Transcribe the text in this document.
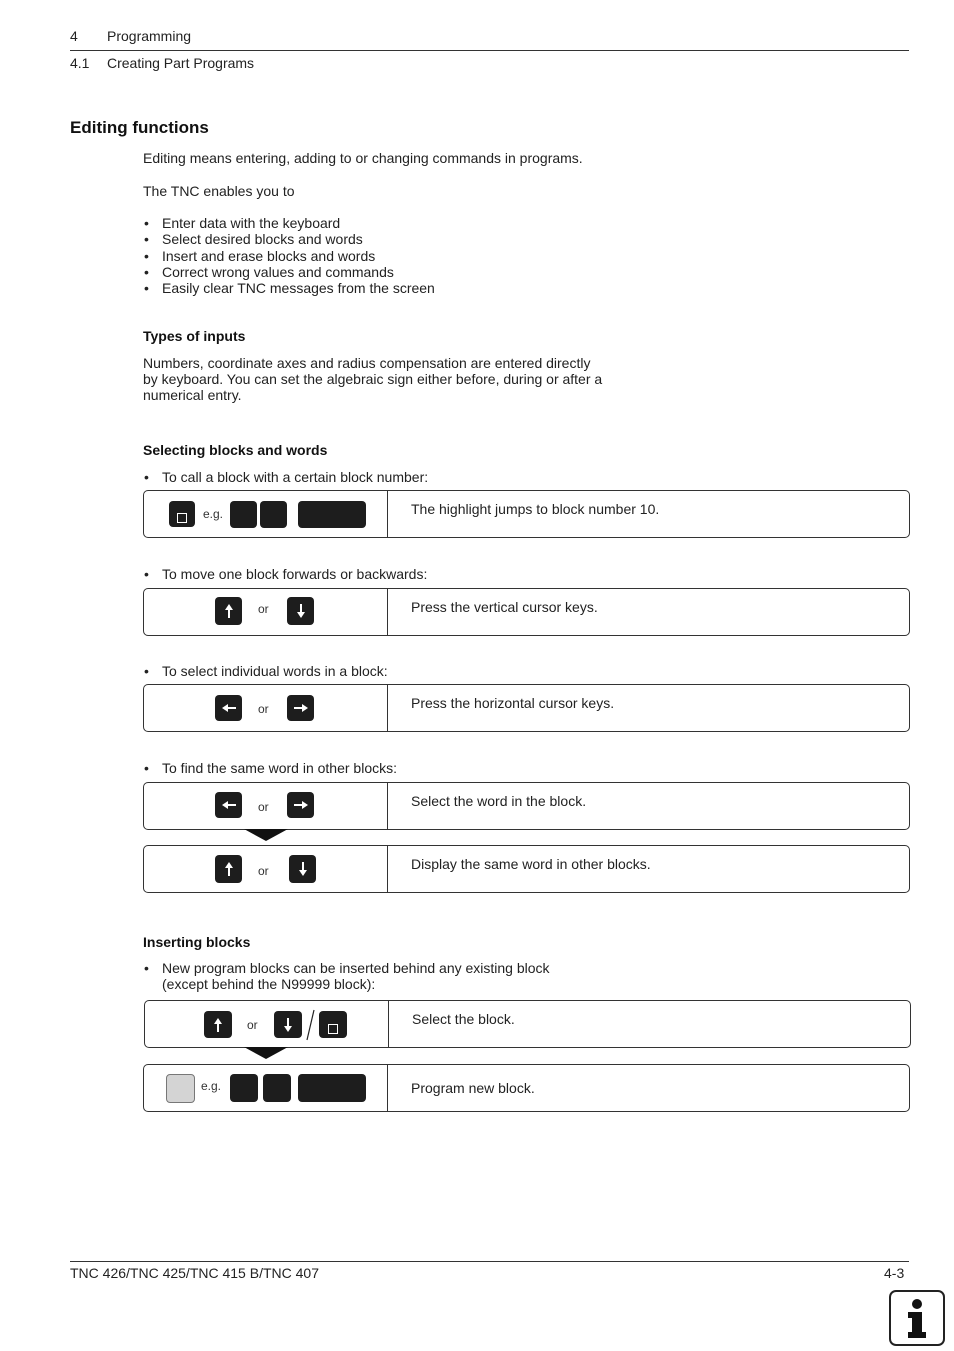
4 Programming
4.1 Creating Part Programs
Editing functions
Editing means entering, adding to or changing commands in programs.
The TNC enables you to
• Enter data with the keyboard
• Select desired blocks and words
• Insert and erase blocks and words
• Correct wrong values and commands
• Easily clear TNC messages from the screen
Types of inputs
Numbers, coordinate axes and radius compensation are entered directly
by keyboard. You can set the algebraic sign either before, during or after a
numerical entry.
Selecting blocks and words
• To call a block with a certain block number:
e.g.	The highlight jumps to block number 10.
• To move one block forwards or backwards:
or	Press the vertical cursor keys.
• To select individual words in a block:
or	Press the horizontal cursor keys.
• To find the same word in other blocks:
or	Select the word in the block.
or	Display the same word in other blocks.
Inserting blocks
• New program blocks can be inserted behind any existing block
(except behind the N99999 block):
or	Select the block.
e.g.	Program new block.
TNC 426/TNC 425/TNC 415 B/TNC 407	4-3
